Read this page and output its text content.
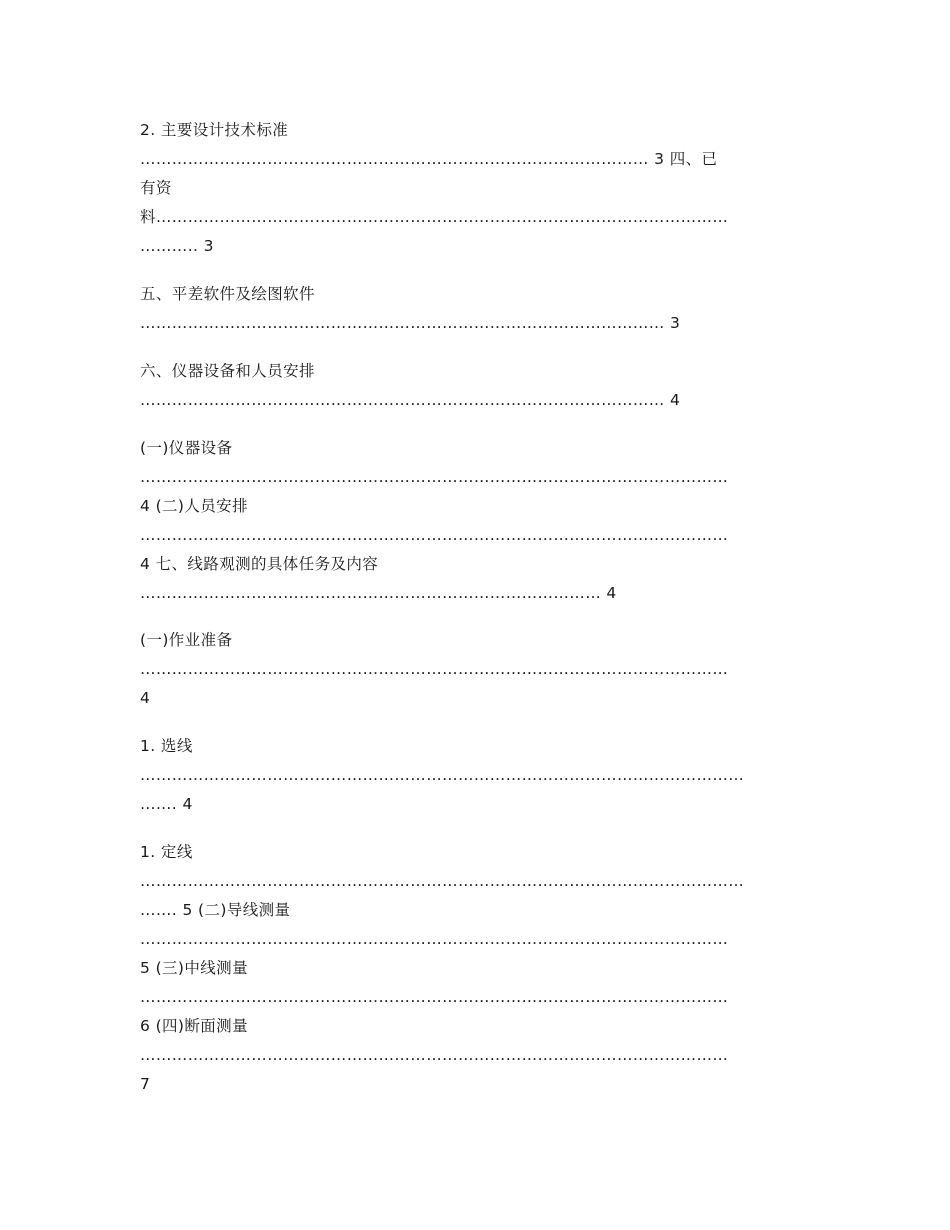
2. 主要设计技术标准
…………………………………………………………………………………… 3 四、已
有资
料………………………………………………………………………………………………
……….. 3
五、平差软件及绘图软件
……………………………………………………………………………………… 3
六、仪器设备和人员安排
……………………………………………………………………………………… 4
(一)仪器设备
…………………………………………………………………………………………………
4 (二)人员安排
…………………………………………………………………………………………………
4 七、线路观测的具体任务及内容
…………………………………………………………………………… 4
(一)作业准备
…………………………………………………………………………………………………
4
1. 选线
……………………………………………………………………………………………………
……. 4
1. 定线
……………………………………………………………………………………………………
……. 5 (二)导线测量
…………………………………………………………………………………………………
5 (三)中线测量
…………………………………………………………………………………………………
6 (四)断面测量
…………………………………………………………………………………………………
7
